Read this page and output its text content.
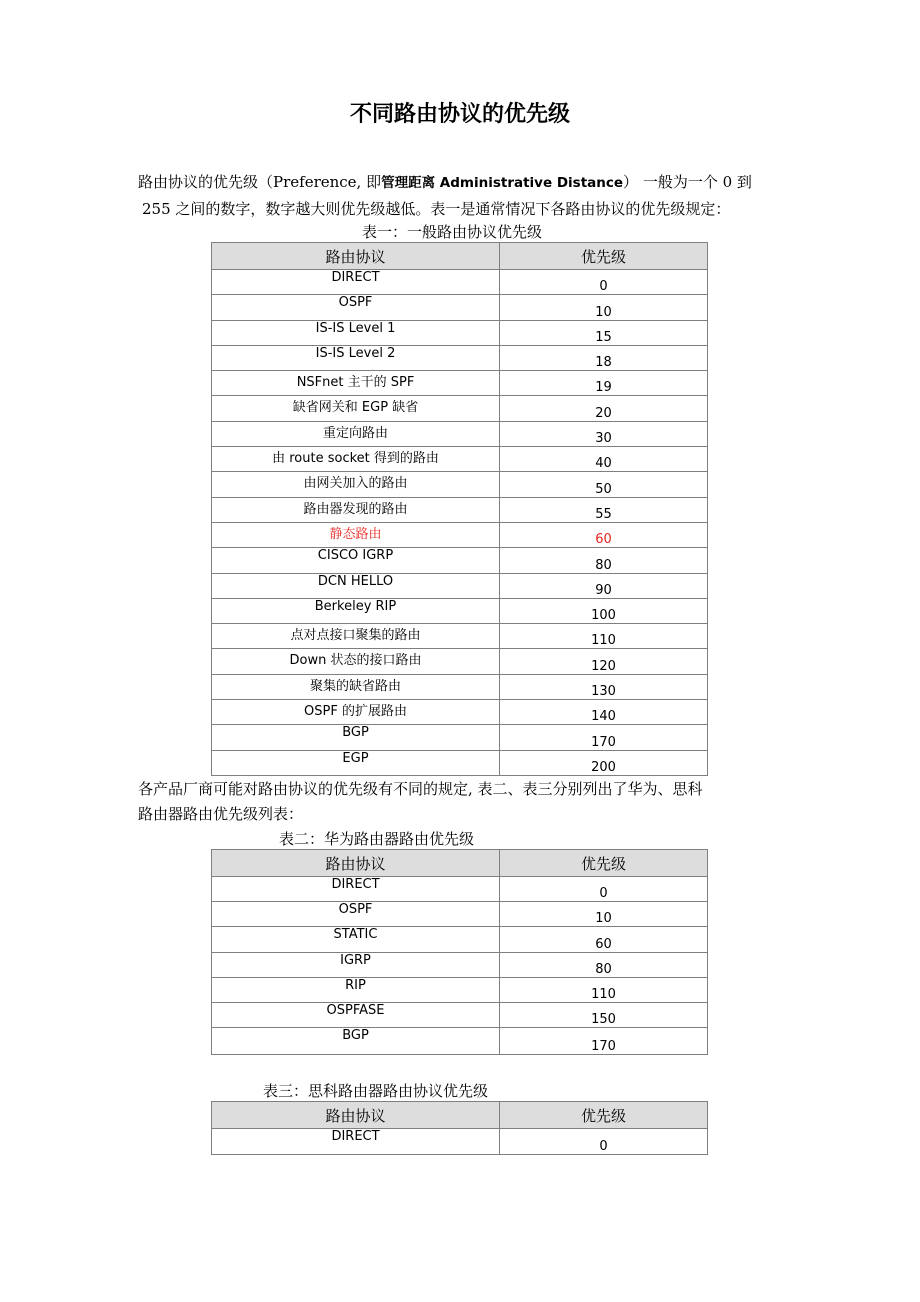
不同路由协议的优先级
路由协议的优先级（Preference, 即管理距离 Administrative Distance） 一般为一个 0 到
255 之间的数字，数字越大则优先级越低。表一是通常情况下各路由协议的优先级规定：
表一：一般路由协议优先级
路由协议	优先级
DIRECT	0
OSPF	10
IS-IS Level 1	15
IS-IS Level 2	18
NSFnet 主干的 SPF	19
缺省网关和 EGP 缺省	20
重定向路由	30
由 route socket 得到的路由	40
由网关加入的路由	50
路由器发现的路由	55
静态路由	60
CISCO IGRP	80
DCN HELLO	90
Berkeley RIP	100
点对点接口聚集的路由	110
Down 状态的接口路由	120
聚集的缺省路由	130
OSPF 的扩展路由	140
BGP	170
EGP	200
各产品厂商可能对路由协议的优先级有不同的规定, 表二、表三分别列出了华为、思科
路由器路由优先级列表：
表二：华为路由器路由优先级
路由协议	优先级
DIRECT	0
OSPF	10
STATIC	60
IGRP	80
RIP	110
OSPFASE	150
BGP	170
表三：思科路由器路由协议优先级
路由协议	优先级
DIRECT	0
